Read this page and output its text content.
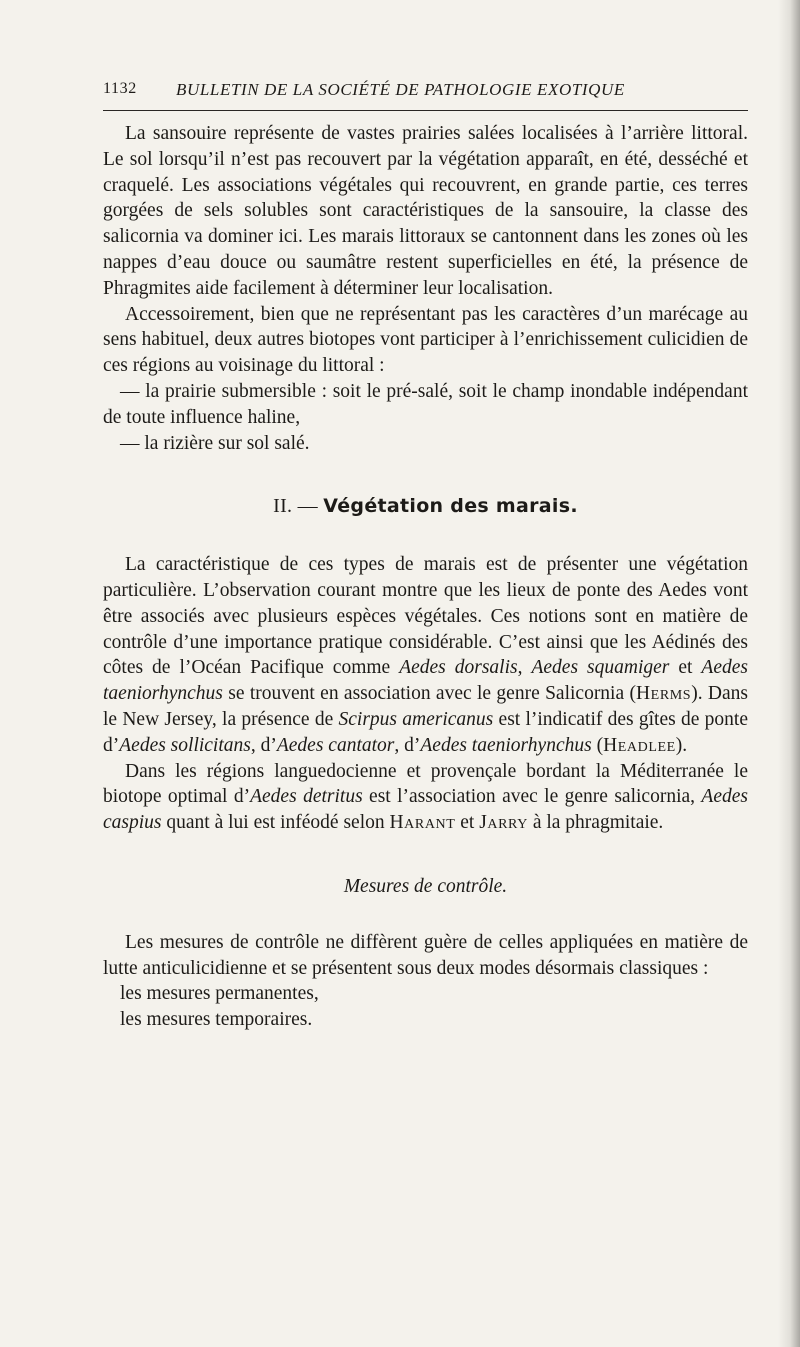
1132 BULLETIN DE LA SOCIÉTÉ DE PATHOLOGIE EXOTIQUE

La sansouire représente de vastes prairies salées localisées à l’arrière littoral. Le sol lorsqu’il n’est pas recouvert par la végétation apparaît, en été, desséché et craquelé. Les associations végétales qui recouvrent, en grande partie, ces terres gorgées de sels solubles sont caractéristiques de la sansouire, la classe des salicornia va dominer ici. Les marais littoraux se cantonnent dans les zones où les nappes d’eau douce ou saumâtre restent superficielles en été, la présence de Phragmites aide facilement à déterminer leur localisation.

Accessoirement, bien que ne représentant pas les caractères d’un marécage au sens habituel, deux autres biotopes vont participer à l’enrichissement culicidien de ces régions au voisinage du littoral :

— la prairie submersible : soit le pré-salé, soit le champ inondable indépendant de toute influence haline,

— la rizière sur sol salé.

II. — Végétation des marais.

La caractéristique de ces types de marais est de présenter une végétation particulière. L’observation courant montre que les lieux de ponte des Aedes vont être associés avec plusieurs espèces végétales. Ces notions sont en matière de contrôle d’une importance pratique considérable. C’est ainsi que les Aédinés des côtes de l’Océan Pacifique comme Aedes dorsalis, Aedes squamiger et Aedes taeniorhynchus se trouvent en association avec le genre Salicornia (Herms). Dans le New Jersey, la présence de Scirpus americanus est l’indicatif des gîtes de ponte d’Aedes sollicitans, d’Aedes cantator, d’Aedes taeniorhynchus (Headlee).

Dans les régions languedocienne et provençale bordant la Méditerranée le biotope optimal d’Aedes detritus est l’association avec le genre salicornia, Aedes caspius quant à lui est inféodé selon Harant et Jarry à la phragmitaie.

Mesures de contrôle.

Les mesures de contrôle ne diffèrent guère de celles appliquées en matière de lutte anticulicidienne et se présentent sous deux modes désormais classiques :

les mesures permanentes,

les mesures temporaires.
